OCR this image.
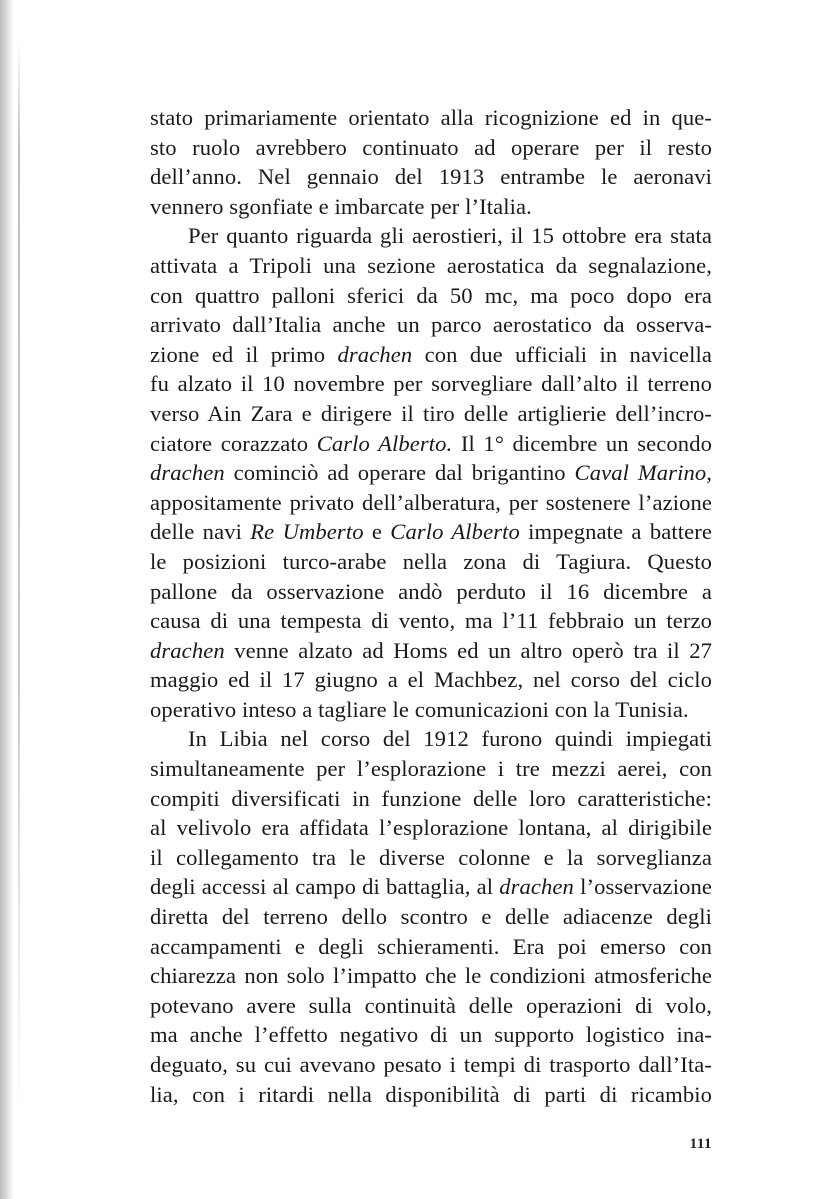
stato primariamente orientato alla ricognizione ed in que-
sto ruolo avrebbero continuato ad operare per il resto
dell’anno. Nel gennaio del 1913 entrambe le aeronavi
vennero sgonfiate e imbarcate per l’Italia.
Per quanto riguarda gli aerostieri, il 15 ottobre era stata
attivata a Tripoli una sezione aerostatica da segnalazione,
con quattro palloni sferici da 50 mc, ma poco dopo era
arrivato dall’Italia anche un parco aerostatico da osserva-
zione ed il primo drachen con due ufficiali in navicella
fu alzato il 10 novembre per sorvegliare dall’alto il terreno
verso Ain Zara e dirigere il tiro delle artiglierie dell’incro-
ciatore corazzato Carlo Alberto. Il 1° dicembre un secondo
drachen cominciò ad operare dal brigantino Caval Marino,
appositamente privato dell’alberatura, per sostenere l’azione
delle navi Re Umberto e Carlo Alberto impegnate a battere
le posizioni turco-arabe nella zona di Tagiura. Questo
pallone da osservazione andò perduto il 16 dicembre a
causa di una tempesta di vento, ma l’11 febbraio un terzo
drachen venne alzato ad Homs ed un altro operò tra il 27
maggio ed il 17 giugno a el Machbez, nel corso del ciclo
operativo inteso a tagliare le comunicazioni con la Tunisia.
In Libia nel corso del 1912 furono quindi impiegati
simultaneamente per l’esplorazione i tre mezzi aerei, con
compiti diversificati in funzione delle loro caratteristiche:
al velivolo era affidata l’esplorazione lontana, al dirigibile
il collegamento tra le diverse colonne e la sorveglianza
degli accessi al campo di battaglia, al drachen l’osservazione
diretta del terreno dello scontro e delle adiacenze degli
accampamenti e degli schieramenti. Era poi emerso con
chiarezza non solo l’impatto che le condizioni atmosferiche
potevano avere sulla continuità delle operazioni di volo,
ma anche l’effetto negativo di un supporto logistico ina-
deguato, su cui avevano pesato i tempi di trasporto dall’Ita-
lia, con i ritardi nella disponibilità di parti di ricambio
111
